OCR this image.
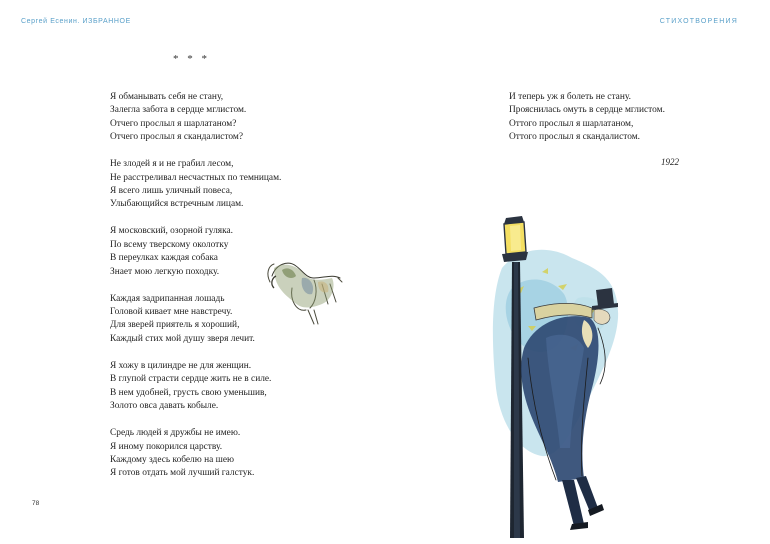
Сергей Есенин. ИЗБРАННОЕ	СТИХОТВОРЕНИЯ
* * *
Я обманывать себя не стану,
Залегла забота в сердце мглистом.
Отчего прослыл я шарлатаном?
Отчего прослыл я скандалистом?
Не злодей я и не грабил лесом,
Не расстреливал несчастных по темницам.
Я всего лишь уличный повеса,
Улыбающийся встречным лицам.
Я московский, озорной гуляка.
По всему тверскому околотку
В переулках каждая собака
Знает мою легкую походку.
Каждая задрипанная лошадь
Головой кивает мне навстречу.
Для зверей приятель я хороший,
Каждый стих мой душу зверя лечит.
Я хожу в цилиндре не для женщин.
В глупой страсти сердце жить не в силе.
В нем удобней, грусть свою уменьшив,
Золото овса давать кобыле.
Средь людей я дружбы не имею.
Я иному покорился царству.
Каждому здесь кобелю на шею
Я готов отдать мой лучший галстук.
И теперь уж я болеть не стану.
Прояснилась омуть в сердце мглистом.
Оттого прослыл я шарлатаном,
Оттого прослыл я скандалистом.
1922
78
